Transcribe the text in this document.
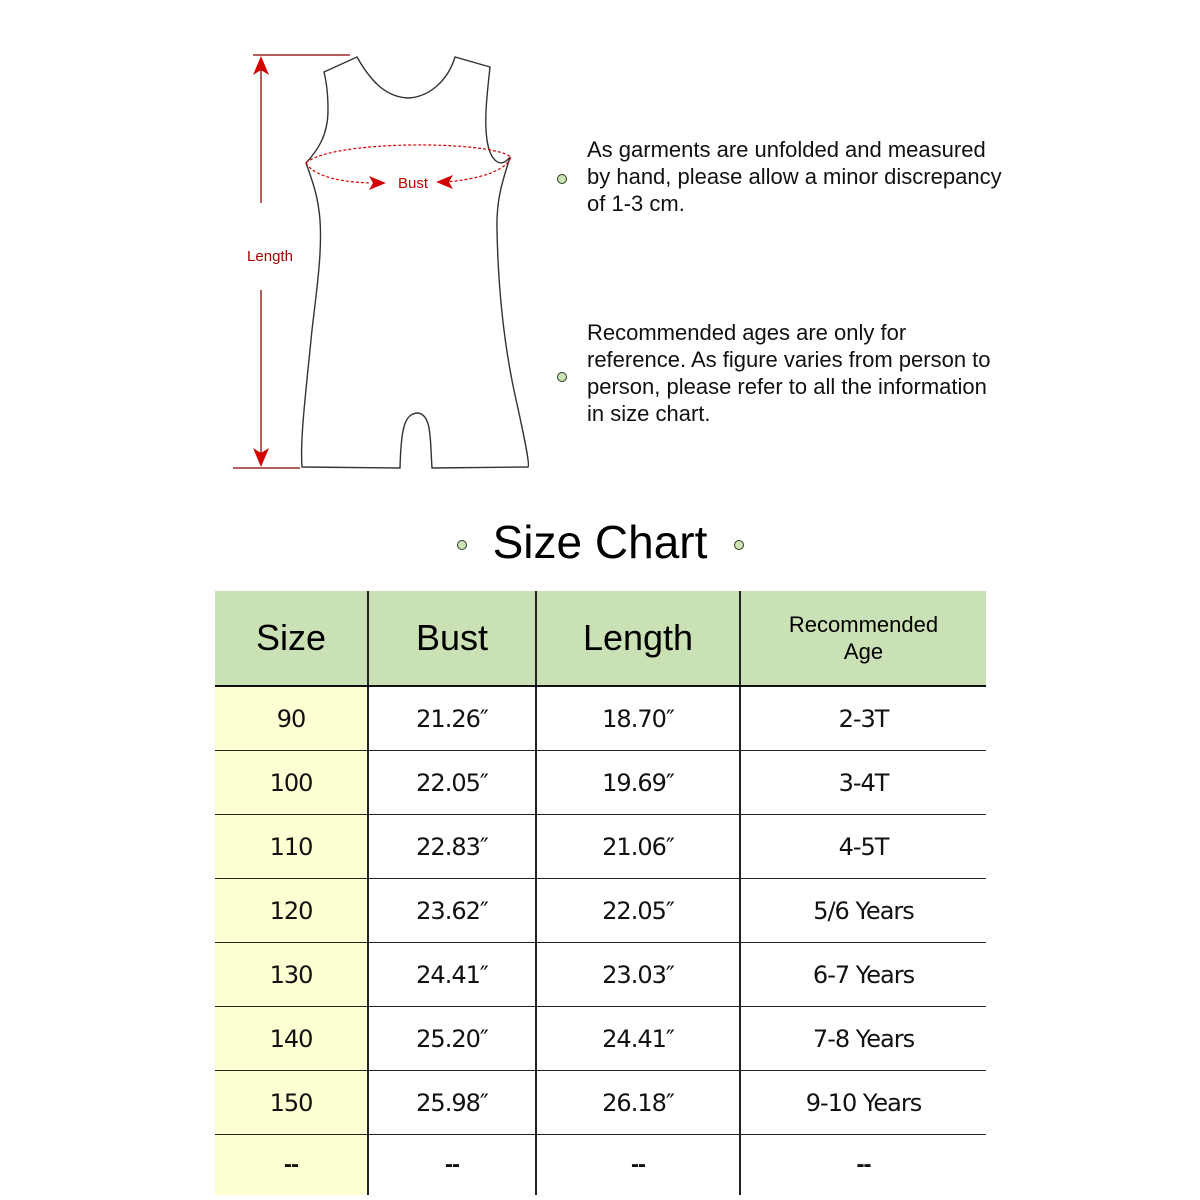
Length
Bust
As garments are unfolded and measured by hand, please allow a minor discrepancy of 1-3 cm.
Recommended ages are only for reference. As figure varies from person to person, please refer to all the information in size chart.
Size Chart
Size	Bust	Length	Recommended Age
90	21.26″	18.70″	2-3T
100	22.05″	19.69″	3-4T
110	22.83″	21.06″	4-5T
120	23.62″	22.05″	5/6 Years
130	24.41″	23.03″	6-7 Years
140	25.20″	24.41″	7-8 Years
150	25.98″	26.18″	9-10 Years
--	--	--	--
